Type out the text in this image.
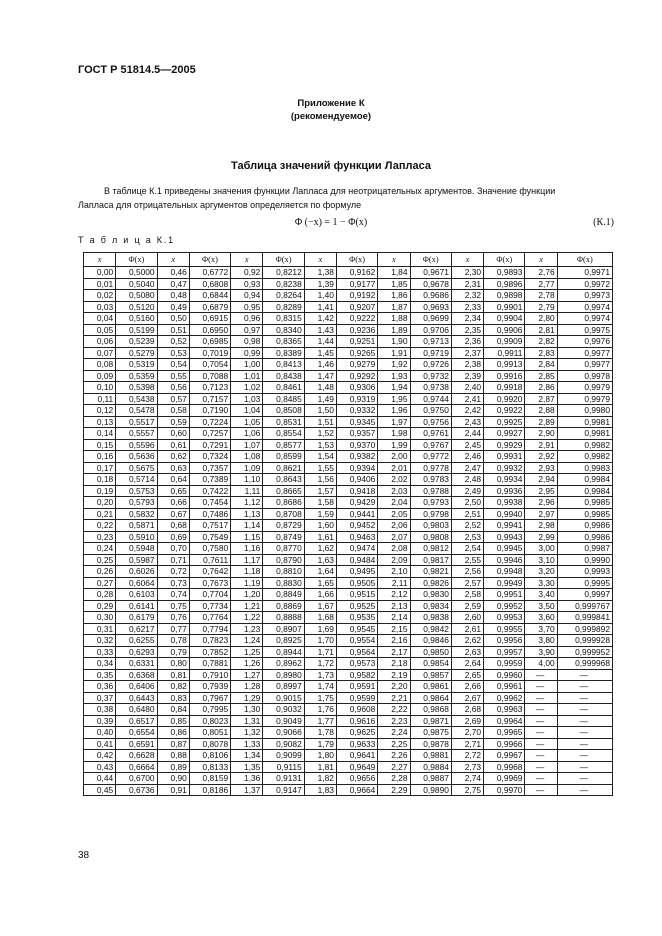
ГОСТ Р 51814.5—2005
Приложение К
(рекомендуемое)
Таблица значений функции Лапласа
В таблице К.1 приведены значения функции Лапласа для неотрицательных аргументов. Значение функции
Лапласа для отрицательных аргументов определяется по формуле
Φ (−x) = 1 − Φ(x)	(К.1)
Т а б л и ц а К.1
x	Φ(x)	x	Φ(x)	x	Φ(x)	x	Φ(x)	x	Φ(x)	x	Φ(x)	x	Φ(x)
0,00	0,5000	0,46	0,6772	0,92	0,8212	1,38	0,9162	1,84	0,9671	2,30	0,9893	2,76	0,9971
0,01	0,5040	0,47	0,6808	0,93	0,8238	1,39	0,9177	1,85	0,9678	2,31	0,9896	2,77	0,9972
0,02	0,5080	0,48	0,6844	0,94	0,8264	1,40	0,9192	1,86	0,9686	2,32	0,9898	2,78	0,9973
0,03	0,5120	0,49	0,6879	0,95	0,8289	1,41	0,9207	1,87	0,9693	2,33	0,9901	2,79	0,9974
0,04	0,5160	0,50	0,6915	0,96	0,8315	1,42	0,9222	1,88	0,9699	2,34	0,9904	2,80	0,9974
0,05	0,5199	0,51	0,6950	0,97	0,8340	1,43	0,9236	1,89	0,9706	2,35	0,9906	2,81	0,9975
0,06	0,5239	0,52	0,6985	0,98	0,8365	1,44	0,9251	1,90	0,9713	2,36	0,9909	2,82	0,9976
0,07	0,5279	0,53	0,7019	0,99	0,8389	1,45	0,9265	1,91	0,9719	2,37	0,9911	2,83	0,9977
0,08	0,5319	0,54	0,7054	1,00	0,8413	1,46	0,9279	1,92	0,9726	2,38	0,9913	2,84	0,9977
0,09	0,5359	0,55	0,7088	1,01	0,8438	1,47	0,9292	1,93	0,9732	2,39	0,9916	2,85	0,9978
0,10	0,5398	0,56	0,7123	1,02	0,8461	1,48	0,9306	1,94	0,9738	2,40	0,9918	2,86	0,9979
0,11	0,5438	0,57	0,7157	1,03	0,8485	1,49	0,9319	1,95	0,9744	2,41	0,9920	2,87	0,9979
0,12	0,5478	0,58	0,7190	1,04	0,8508	1,50	0,9332	1,96	0,9750	2,42	0,9922	2,88	0,9980
0,13	0,5517	0,59	0,7224	1,05	0,8531	1,51	0,9345	1,97	0,9756	2,43	0,9925	2,89	0,9981
0,14	0,5557	0,60	0,7257	1,06	0,8554	1,52	0,9357	1,98	0,9761	2,44	0,9927	2,90	0,9981
0,15	0,5596	0,61	0,7291	1,07	0,8577	1,53	0,9370	1,99	0,9767	2,45	0,9929	2,91	0,9982
0,16	0,5636	0,62	0,7324	1,08	0,8599	1,54	0,9382	2,00	0,9772	2,46	0,9931	2,92	0,9982
0,17	0,5675	0,63	0,7357	1,09	0,8621	1,55	0,9394	2,01	0,9778	2,47	0,9932	2,93	0,9983
0,18	0,5714	0,64	0,7389	1,10	0,8643	1,56	0,9406	2,02	0,9783	2,48	0,9934	2,94	0,9984
0,19	0,5753	0,65	0,7422	1,11	0,8665	1,57	0,9418	2,03	0,9788	2,49	0,9936	2,95	0,9984
0,20	0,5793	0,66	0,7454	1,12	0,8686	1,58	0,9429	2,04	0,9793	2,50	0,9938	2,96	0,9985
0,21	0,5832	0,67	0,7486	1,13	0,8708	1,59	0,9441	2,05	0,9798	2,51	0,9940	2,97	0,9985
0,22	0,5871	0,68	0,7517	1,14	0,8729	1,60	0,9452	2,06	0,9803	2,52	0,9941	2,98	0,9986
0,23	0,5910	0,69	0,7549	1,15	0,8749	1,61	0,9463	2,07	0,9808	2,53	0,9943	2,99	0,9986
0,24	0,5948	0,70	0,7580	1,16	0,8770	1,62	0,9474	2,08	0,9812	2,54	0,9945	3,00	0,9987
0,25	0,5987	0,71	0,7611	1,17	0,8790	1,63	0,9484	2,09	0,9817	2,55	0,9946	3,10	0,9990
0,26	0,6026	0,72	0,7642	1,18	0,8810	1,64	0,9495	2,10	0,9821	2,56	0,9948	3,20	0,9993
0,27	0,6064	0,73	0,7673	1,19	0,8830	1,65	0,9505	2,11	0,9826	2,57	0,9949	3,30	0,9995
0,28	0,6103	0,74	0,7704	1,20	0,8849	1,66	0,9515	2,12	0,9830	2,58	0,9951	3,40	0,9997
0,29	0,6141	0,75	0,7734	1,21	0,8869	1,67	0,9525	2,13	0,9834	2,59	0,9952	3,50	0,999767
0,30	0,6179	0,76	0,7764	1,22	0,8888	1,68	0,9535	2,14	0,9838	2,60	0,9953	3,60	0,999841
0,31	0,6217	0,77	0,7794	1,23	0,8907	1,69	0,9545	2,15	0,9842	2,61	0,9955	3,70	0,999892
0,32	0,6255	0,78	0,7823	1,24	0,8925	1,70	0,9554	2,16	0,9846	2,62	0,9956	3,80	0,999928
0,33	0,6293	0,79	0,7852	1,25	0,8944	1,71	0,9564	2,17	0,9850	2,63	0,9957	3,90	0,999952
0,34	0,6331	0,80	0,7881	1,26	0,8962	1,72	0,9573	2,18	0,9854	2,64	0,9959	4,00	0,999968
0,35	0,6368	0,81	0,7910	1,27	0,8980	1,73	0,9582	2,19	0,9857	2,65	0,9960	—	—
0,36	0,6406	0,82	0,7939	1,28	0,8997	1,74	0,9591	2,20	0,9861	2,66	0,9961	—	—
0,37	0,6443	0,83	0,7967	1,29	0,9015	1,75	0,9599	2,21	0,9864	2,67	0,9962	—	—
0,38	0,6480	0,84	0,7995	1,30	0,9032	1,76	0,9608	2,22	0,9868	2,68	0,9963	—	—
0,39	0,6517	0,85	0,8023	1,31	0,9049	1,77	0,9616	2,23	0,9871	2,69	0,9964	—	—
0,40	0,6554	0,86	0,8051	1,32	0,9066	1,78	0,9625	2,24	0,9875	2,70	0,9965	—	—
0,41	0,6591	0,87	0,8078	1,33	0,9082	1,79	0,9633	2,25	0,9878	2,71	0,9966	—	—
0,42	0,6628	0,88	0,8106	1,34	0,9099	1,80	0,9641	2,26	0,9881	2,72	0,9967	—	—
0,43	0,6664	0,89	0,8133	1,35	0,9115	1,81	0,9649	2,27	0,9884	2,73	0,9968	—	—
0,44	0,6700	0,90	0,8159	1,36	0,9131	1,82	0,9656	2,28	0,9887	2,74	0,9969	—	—
0,45	0,6736	0,91	0,8186	1,37	0,9147	1,83	0,9664	2,29	0,9890	2,75	0,9970	—	—
38
